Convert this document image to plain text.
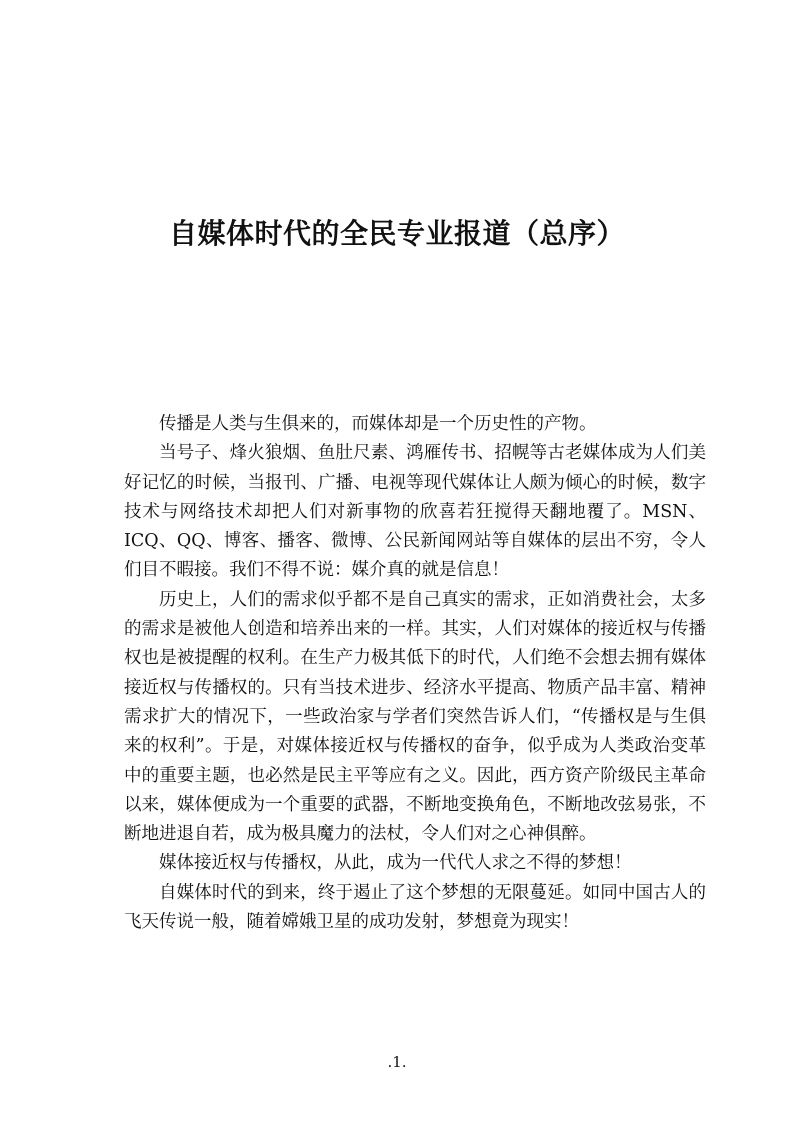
自媒体时代的全民专业报道（总序）

传播是人类与生俱来的，而媒体却是一个历史性的产物。

当号子、烽火狼烟、鱼肚尺素、鸿雁传书、招幌等古老媒体成为人们美好记忆的时候，当报刊、广播、电视等现代媒体让人颇为倾心的时候，数字技术与网络技术却把人们对新事物的欣喜若狂搅得天翻地覆了。MSN、ICQ、QQ、博客、播客、微博、公民新闻网站等自媒体的层出不穷，令人们目不暇接。我们不得不说：媒介真的就是信息！

历史上，人们的需求似乎都不是自己真实的需求，正如消费社会，太多的需求是被他人创造和培养出来的一样。其实，人们对媒体的接近权与传播权也是被提醒的权利。在生产力极其低下的时代，人们绝不会想去拥有媒体接近权与传播权的。只有当技术进步、经济水平提高、物质产品丰富、精神需求扩大的情况下，一些政治家与学者们突然告诉人们，“传播权是与生俱来的权利”。于是，对媒体接近权与传播权的奋争，似乎成为人类政治变革中的重要主题，也必然是民主平等应有之义。因此，西方资产阶级民主革命以来，媒体便成为一个重要的武器，不断地变换角色，不断地改弦易张，不断地进退自若，成为极具魔力的法杖，令人们对之心神俱醉。

媒体接近权与传播权，从此，成为一代代人求之不得的梦想！

自媒体时代的到来，终于遏止了这个梦想的无限蔓延。如同中国古人的飞天传说一般，随着嫦娥卫星的成功发射，梦想竟为现实！

.1.
